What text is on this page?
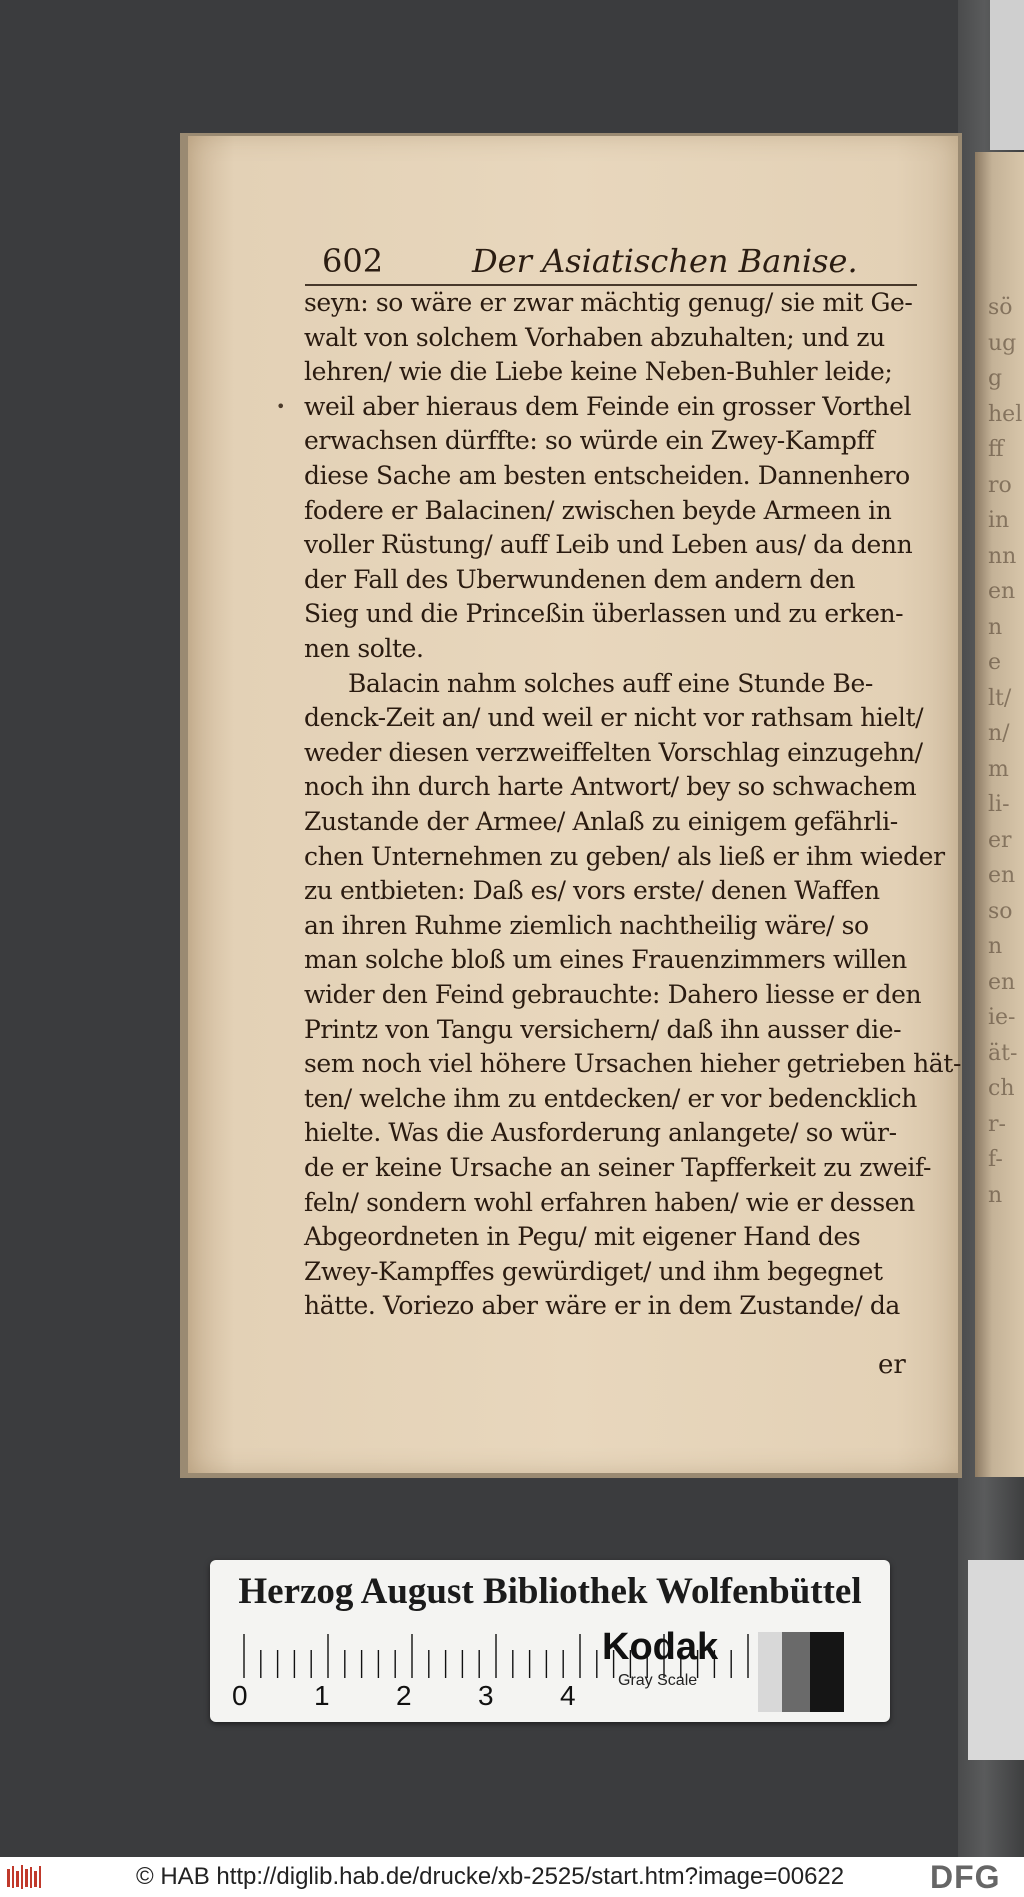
sö
ug
g
hel
ff
ro
in
nn
en
n
e
lt/
n/
m
li-
er
en
so
n
en
ie-
ät-
ch
r-
f-
n
602	Der Asiatischen Banise.
•
seyn: so wäre er zwar mächtig genug/ sie mit Ge-
walt von solchem Vorhaben abzuhalten; und zu
lehren/ wie die Liebe keine Neben-Buhler leide;
weil aber hieraus dem Feinde ein grosser Vorthel
erwachsen dürffte: so würde ein Zwey-Kampff
diese Sache am besten entscheiden. Dannenhero
fodere er Balacinen/ zwischen beyde Armeen in
voller Rüstung/ auff Leib und Leben aus/ da denn
der Fall des Uberwundenen dem andern den
Sieg und die Princeßin überlassen und zu erken-
nen solte.
Balacin nahm solches auff eine Stunde Be-
denck-Zeit an/ und weil er nicht vor rathsam hielt/
weder diesen verzweiffelten Vorschlag einzugehn/
noch ihn durch harte Antwort/ bey so schwachem
Zustande der Armee/ Anlaß zu einigem gefährli-
chen Unternehmen zu geben/ als ließ er ihm wieder
zu entbieten: Daß es/ vors erste/ denen Waffen
an ihren Ruhme ziemlich nachtheilig wäre/ so
man solche bloß um eines Frauenzimmers willen
wider den Feind gebrauchte: Dahero liesse er den
Printz von Tangu versichern/ daß ihn ausser die-
sem noch viel höhere Ursachen hieher getrieben hät-
ten/ welche ihm zu entdecken/ er vor bedencklich
hielte. Was die Ausforderung anlangete/ so wür-
de er keine Ursache an seiner Tapfferkeit zu zweif-
feln/ sondern wohl erfahren haben/ wie er dessen
Abgeordneten in Pegu/ mit eigener Hand des
Zwey-Kampffes gewürdiget/ und ihm begegnet
hätte. Voriezo aber wäre er in dem Zustande/ da
er
Herzog August Bibliothek Wolfenbüttel
0 1 2 3 4
Kodak
Gray Scale
© HAB http://diglib.hab.de/drucke/xb-2525/start.htm?image=00622	DFG
